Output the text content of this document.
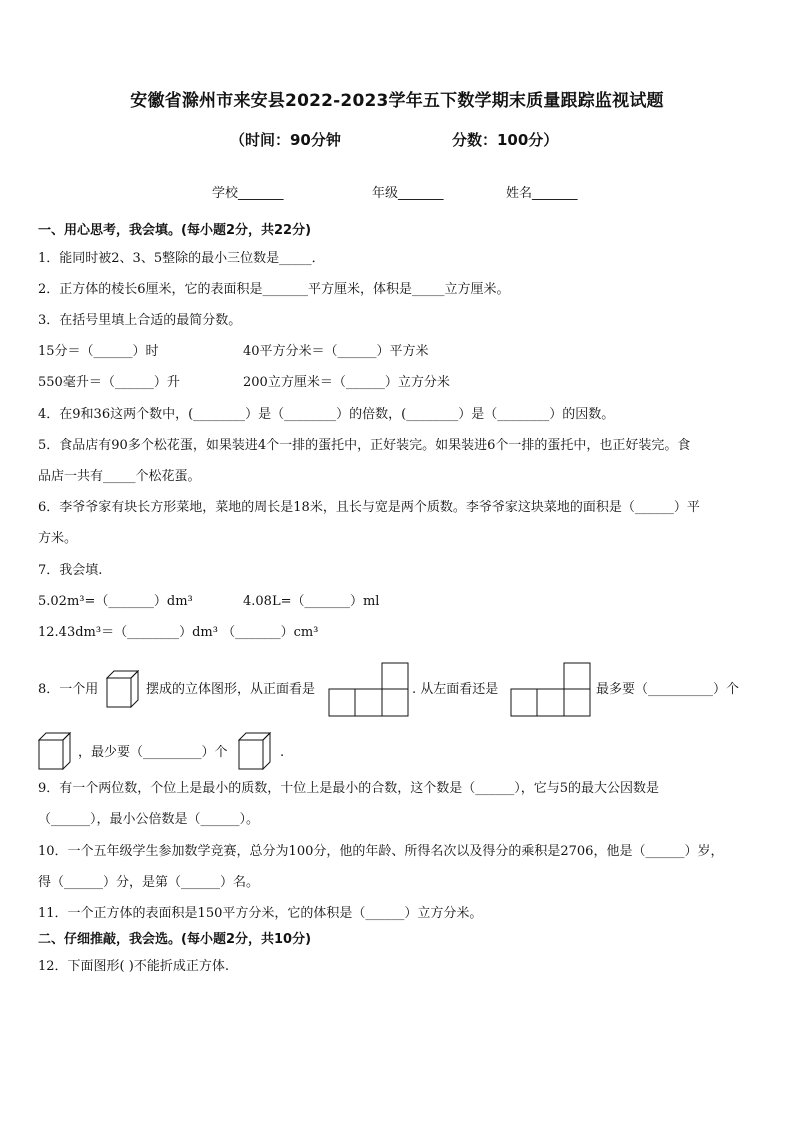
安徽省滁州市来安县2022-2023学年五下数学期末质量跟踪监视试题
（时间：90分钟	分数：100分）
学校_______	年级_______	姓名_______
一、用心思考，我会填。(每小题2分，共22分)
1．能同时被2、3、5整除的最小三位数是_____．
2．正方体的棱长6厘米，它的表面积是_______平方厘米，体积是_____立方厘米。
3．在括号里填上合适的最简分数。
15分＝（______）时	40平方分米＝（______）平方米
550毫升＝（______）升	200立方厘米＝（______）立方分米
4．在9和36这两个数中，(________）是（________）的倍数，(________）是（________）的因数。
5．食品店有90多个松花蛋，如果装进4个一排的蛋托中，正好装完。如果装进6个一排的蛋托中，也正好装完。食
品店一共有_____个松花蛋。
6．李爷爷家有块长方形菜地，菜地的周长是18米，且长与宽是两个质数。李爷爷家这块菜地的面积是（______）平
方米。
7．我会填.
5.02m³=（_______）dm³	4.08L=（_______）ml
12.43dm³＝（________）dm³ （_______）cm³
8．一个用	摆成的立体图形，从正面看是	. 从左面看还是	最多要（__________）个
，最少要（_________）个	.
9．有一个两位数，个位上是最小的质数，十位上是最小的合数，这个数是（______），它与5的最大公因数是
（______），最小公倍数是（______）。
10．一个五年级学生参加数学竞赛，总分为100分，他的年龄、所得名次以及得分的乘积是2706，他是（______）岁，
得（______）分，是第（______）名。
11．一个正方体的表面积是150平方分米，它的体积是（______）立方分米。
二、仔细推敲，我会选。(每小题2分，共10分)
12．下面图形( )不能折成正方体.
